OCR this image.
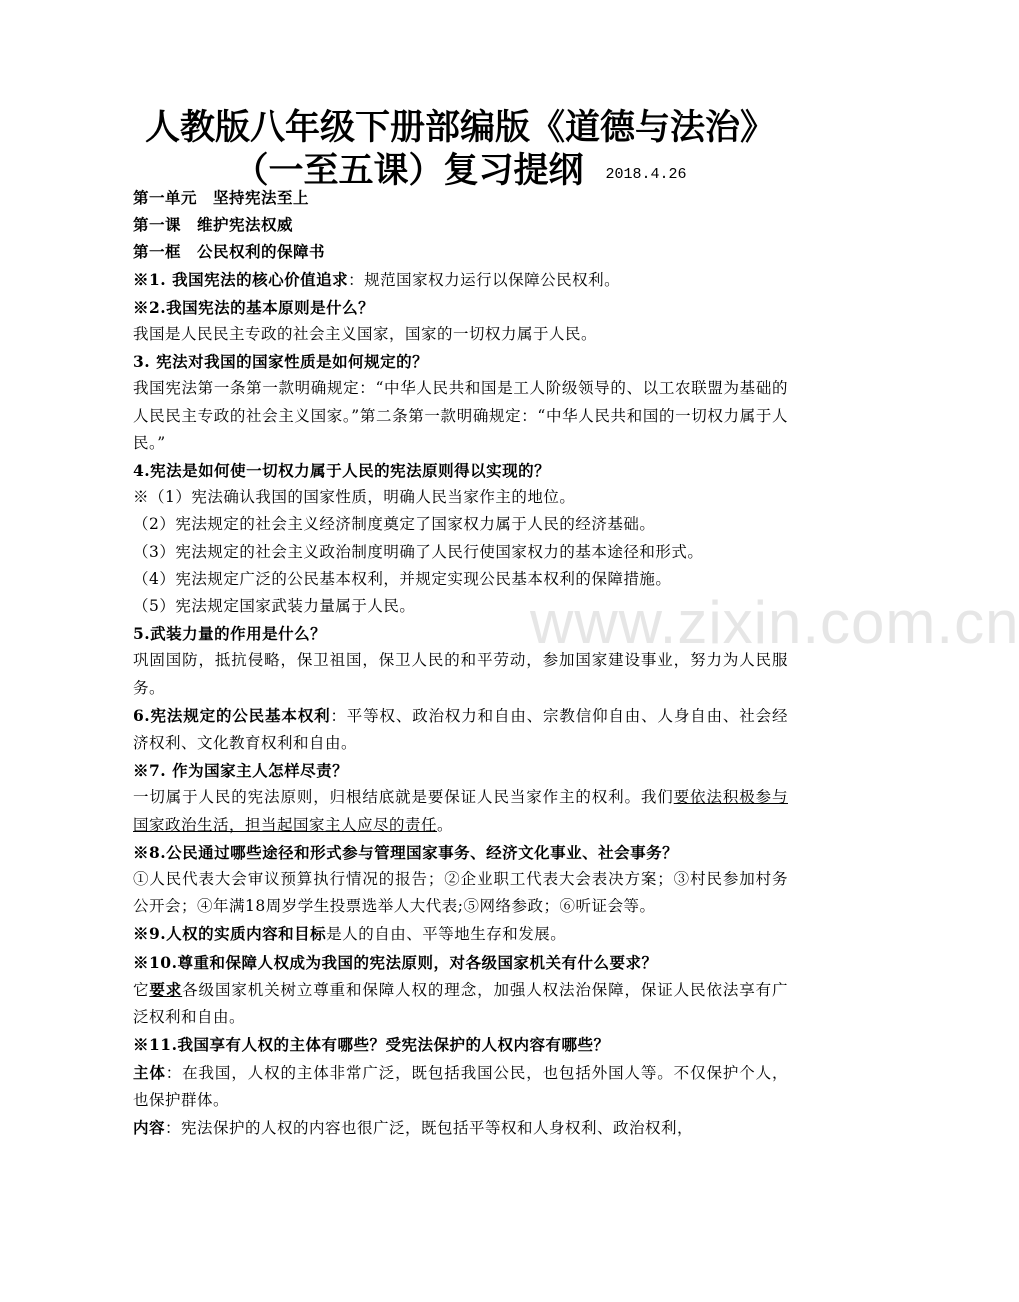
www.zixin.com.cn
人教版八年级下册部编版《道德与法治》
（一至五课）复习提纲 2018.4.26

第一单元　坚持宪法至上

第一课　维护宪法权威

第一框　公民权利的保障书

※1. 我国宪法的核心价值追求：规范国家权力运行以保障公民权利。

※2.我国宪法的基本原则是什么？

我国是人民民主专政的社会主义国家，国家的一切权力属于人民。

3. 宪法对我国的国家性质是如何规定的？

我国宪法第一条第一款明确规定：“中华人民共和国是工人阶级领导的、以工农联盟为基础的人民民主专政的社会主义国家。”第二条第一款明确规定：“中华人民共和国的一切权力属于人民。”

4.宪法是如何使一切权力属于人民的宪法原则得以实现的？

※（1）宪法确认我国的国家性质，明确人民当家作主的地位。

（2）宪法规定的社会主义经济制度奠定了国家权力属于人民的经济基础。

（3）宪法规定的社会主义政治制度明确了人民行使国家权力的基本途径和形式。

（4）宪法规定广泛的公民基本权利，并规定实现公民基本权利的保障措施。

（5）宪法规定国家武装力量属于人民。

5.武装力量的作用是什么？

巩固国防，抵抗侵略，保卫祖国，保卫人民的和平劳动，参加国家建设事业，努力为人民服务。

6.宪法规定的公民基本权利：平等权、政治权力和自由、宗教信仰自由、人身自由、社会经济权利、文化教育权利和自由。

※7. 作为国家主人怎样尽责？

一切属于人民的宪法原则，归根结底就是要保证人民当家作主的权利。我们要依法积极参与国家政治生活，担当起国家主人应尽的责任。

※8.公民通过哪些途径和形式参与管理国家事务、经济文化事业、社会事务？

①人民代表大会审议预算执行情况的报告；②企业职工代表大会表决方案；③村民参加村务公开会；④年满18周岁学生投票选举人大代表;⑤网络参政；⑥听证会等。

※9.人权的实质内容和目标是人的自由、平等地生存和发展。

※10.尊重和保障人权成为我国的宪法原则，对各级国家机关有什么要求？

它要求各级国家机关树立尊重和保障人权的理念，加强人权法治保障，保证人民依法享有广泛权利和自由。

※11.我国享有人权的主体有哪些？受宪法保护的人权内容有哪些？

主体：在我国，人权的主体非常广泛，既包括我国公民，也包括外国人等。不仅保护个人，也保护群体。

内容：宪法保护的人权的内容也很广泛，既包括平等权和人身权利、政治权利，
